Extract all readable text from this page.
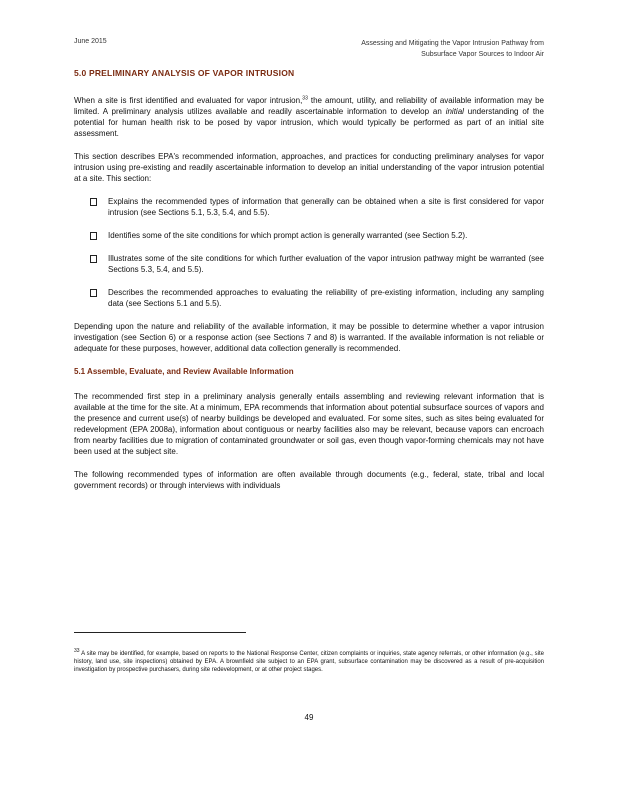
June 2015	Assessing and Mitigating the Vapor Intrusion Pathway from
Subsurface Vapor Sources to Indoor Air
5.0 PRELIMINARY ANALYSIS OF VAPOR INTRUSION

When a site is first identified and evaluated for vapor intrusion,$^{33}$ the amount, utility, and reliability of available information may be limited. A preliminary analysis utilizes available and readily ascertainable information to develop an initial understanding of the potential for human health risk to be posed by vapor intrusion, which would typically be performed as part of an initial site assessment.

This section describes EPA's recommended information, approaches, and practices for conducting preliminary analyses for vapor intrusion using pre-existing and readily ascertainable information to develop an initial understanding of the vapor intrusion potential at a site. This section:

Explains the recommended types of information that generally can be obtained when a site is first considered for vapor intrusion (see Sections 5.1, 5.3, 5.4, and 5.5).
Identifies some of the site conditions for which prompt action is generally warranted (see Section 5.2).
Illustrates some of the site conditions for which further evaluation of the vapor intrusion pathway might be warranted (see Sections 5.3, 5.4, and 5.5).
Describes the recommended approaches to evaluating the reliability of pre-existing information, including any sampling data (see Sections 5.1 and 5.5).

Depending upon the nature and reliability of the available information, it may be possible to determine whether a vapor intrusion investigation (see Section 6) or a response action (see Sections 7 and 8) is warranted. If the available information is not reliable or adequate for these purposes, however, additional data collection generally is recommended.

5.1 Assemble, Evaluate, and Review Available Information

The recommended first step in a preliminary analysis generally entails assembling and reviewing relevant information that is available at the time for the site. At a minimum, EPA recommends that information about potential subsurface sources of vapors and the presence and current use(s) of nearby buildings be developed and evaluated. For some sites, such as sites being evaluated for redevelopment (EPA 2008a), information about contiguous or nearby facilities also may be relevant, because vapors can encroach from nearby facilities due to migration of contaminated groundwater or soil gas, even though vapor-forming chemicals may not have been used at the subject site.

The following recommended types of information are often available through documents (e.g., federal, state, tribal and local government records) or through interviews with individuals

$^{33}$ A site may be identified, for example, based on reports to the National Response Center, citizen complaints or inquiries, state agency referrals, or other information (e.g., site history, land use, site inspections) obtained by EPA. A brownfield site subject to an EPA grant, subsurface contamination may be discovered as a result of pre-acquisition investigation by prospective purchasers, during site redevelopment, or at other project stages.
49
